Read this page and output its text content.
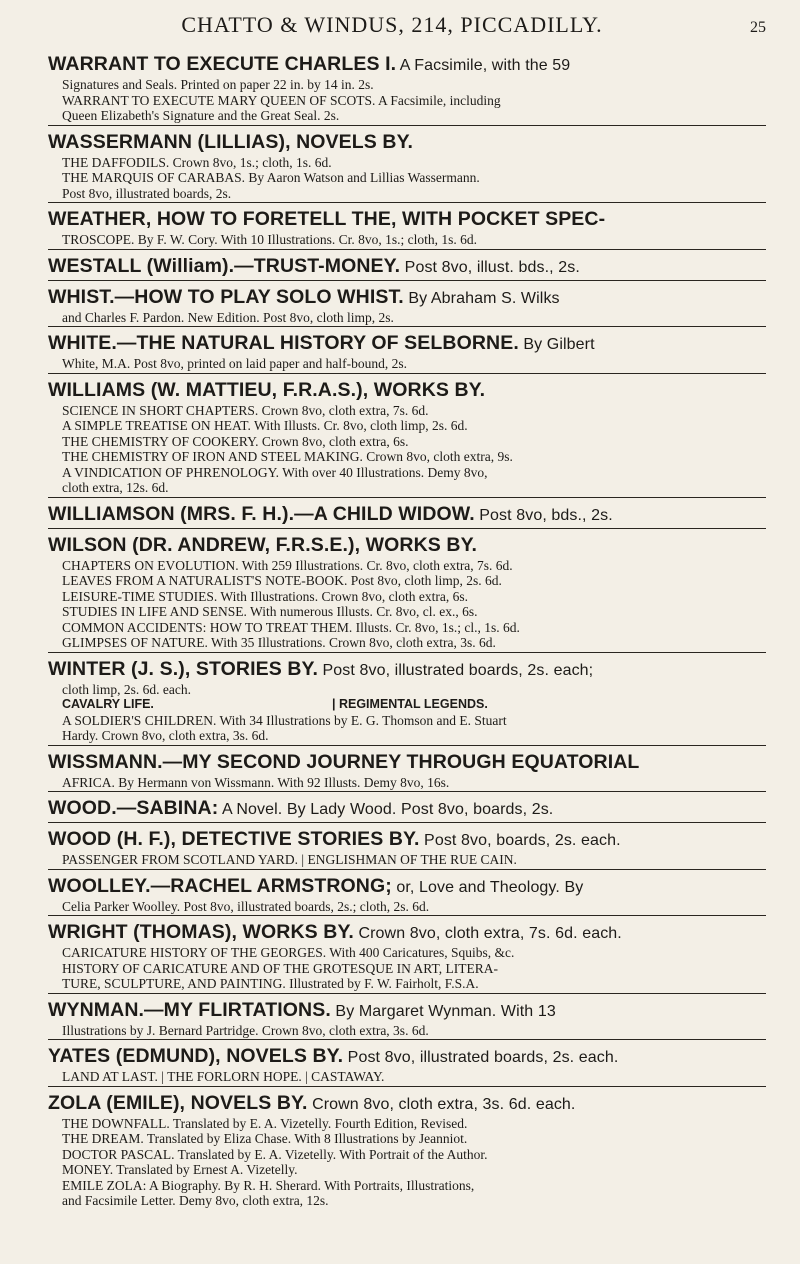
CHATTO & WINDUS, 214, PICCADILLY.	25
WARRANT TO EXECUTE CHARLES I. A Facsimile, with the 59
Signatures and Seals. Printed on paper 22 in. by 14 in. 2s.
WARRANT TO EXECUTE MARY QUEEN OF SCOTS. A Facsimile, including
Queen Elizabeth's Signature and the Great Seal. 2s.
WASSERMANN (LILLIAS), NOVELS BY.
THE DAFFODILS. Crown 8vo, 1s.; cloth, 1s. 6d.
THE MARQUIS OF CARABAS. By Aaron Watson and Lillias Wassermann.
Post 8vo, illustrated boards, 2s.
WEATHER, HOW TO FORETELL THE, WITH POCKET SPEC-
TROSCOPE. By F. W. Cory. With 10 Illustrations. Cr. 8vo, 1s.; cloth, 1s. 6d.
WESTALL (William).—TRUST-MONEY. Post 8vo, illust. bds., 2s.
WHIST.—HOW TO PLAY SOLO WHIST. By Abraham S. Wilks
and Charles F. Pardon. New Edition. Post 8vo, cloth limp, 2s.
WHITE.—THE NATURAL HISTORY OF SELBORNE. By Gilbert
White, M.A. Post 8vo, printed on laid paper and half-bound, 2s.
WILLIAMS (W. MATTIEU, F.R.A.S.), WORKS BY.
SCIENCE IN SHORT CHAPTERS. Crown 8vo, cloth extra, 7s. 6d.
A SIMPLE TREATISE ON HEAT. With Illusts. Cr. 8vo, cloth limp, 2s. 6d.
THE CHEMISTRY OF COOKERY. Crown 8vo, cloth extra, 6s.
THE CHEMISTRY OF IRON AND STEEL MAKING. Crown 8vo, cloth extra, 9s.
A VINDICATION OF PHRENOLOGY. With over 40 Illustrations. Demy 8vo,
cloth extra, 12s. 6d.
WILLIAMSON (MRS. F. H.).—A CHILD WIDOW. Post 8vo, bds., 2s.
WILSON (DR. ANDREW, F.R.S.E.), WORKS BY.
CHAPTERS ON EVOLUTION. With 259 Illustrations. Cr. 8vo, cloth extra, 7s. 6d.
LEAVES FROM A NATURALIST'S NOTE-BOOK. Post 8vo, cloth limp, 2s. 6d.
LEISURE-TIME STUDIES. With Illustrations. Crown 8vo, cloth extra, 6s.
STUDIES IN LIFE AND SENSE. With numerous Illusts. Cr. 8vo, cl. ex., 6s.
COMMON ACCIDENTS: HOW TO TREAT THEM. Illusts. Cr. 8vo, 1s.; cl., 1s. 6d.
GLIMPSES OF NATURE. With 35 Illustrations. Crown 8vo, cloth extra, 3s. 6d.
WINTER (J. S.), STORIES BY. Post 8vo, illustrated boards, 2s. each;
cloth limp, 2s. 6d. each.
CAVALRY LIFE.	| REGIMENTAL LEGENDS.
A SOLDIER'S CHILDREN. With 34 Illustrations by E. G. Thomson and E. Stuart
Hardy. Crown 8vo, cloth extra, 3s. 6d.
WISSMANN.—MY SECOND JOURNEY THROUGH EQUATORIAL
AFRICA. By Hermann von Wissmann. With 92 Illusts. Demy 8vo, 16s.
WOOD.—SABINA: A Novel. By Lady Wood. Post 8vo, boards, 2s.
WOOD (H. F.), DETECTIVE STORIES BY. Post 8vo, boards, 2s. each.
PASSENGER FROM SCOTLAND YARD. | ENGLISHMAN OF THE RUE CAIN.
WOOLLEY.—RACHEL ARMSTRONG; or, Love and Theology. By
Celia Parker Woolley. Post 8vo, illustrated boards, 2s.; cloth, 2s. 6d.
WRIGHT (THOMAS), WORKS BY. Crown 8vo, cloth extra, 7s. 6d. each.
CARICATURE HISTORY OF THE GEORGES. With 400 Caricatures, Squibs, &c.
HISTORY OF CARICATURE AND OF THE GROTESQUE IN ART, LITERA-
TURE, SCULPTURE, AND PAINTING. Illustrated by F. W. Fairholt, F.S.A.
WYNMAN.—MY FLIRTATIONS. By Margaret Wynman. With 13
Illustrations by J. Bernard Partridge. Crown 8vo, cloth extra, 3s. 6d.
YATES (EDMUND), NOVELS BY. Post 8vo, illustrated boards, 2s. each.
LAND AT LAST. | THE FORLORN HOPE. | CASTAWAY.
ZOLA (EMILE), NOVELS BY. Crown 8vo, cloth extra, 3s. 6d. each.
THE DOWNFALL. Translated by E. A. Vizetelly. Fourth Edition, Revised.
THE DREAM. Translated by Eliza Chase. With 8 Illustrations by Jeanniot.
DOCTOR PASCAL. Translated by E. A. Vizetelly. With Portrait of the Author.
MONEY. Translated by Ernest A. Vizetelly.
EMILE ZOLA: A Biography. By R. H. Sherard. With Portraits, Illustrations,
and Facsimile Letter. Demy 8vo, cloth extra, 12s.
